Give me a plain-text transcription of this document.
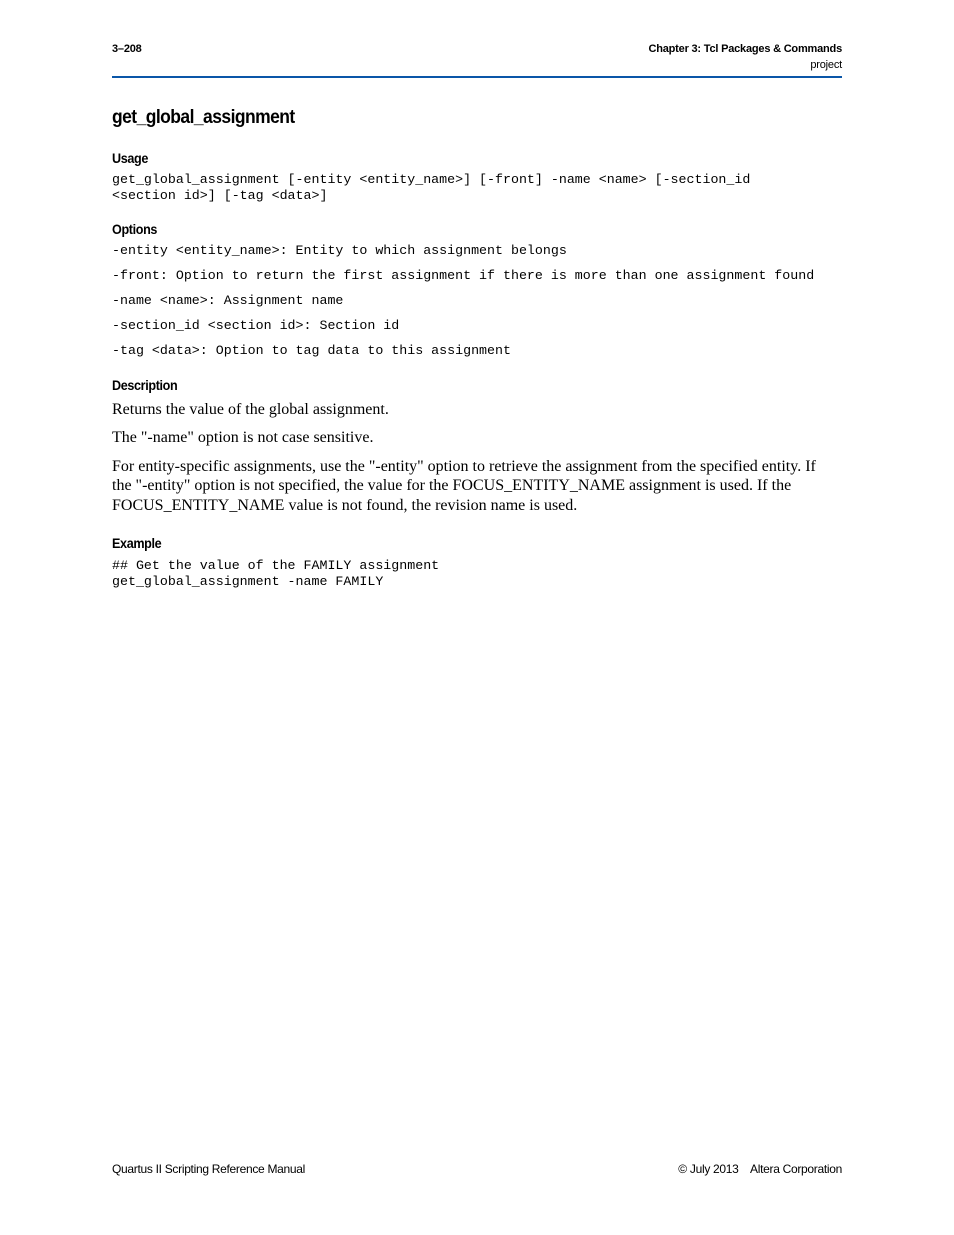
3–208	Chapter 3: Tcl Packages & Commands
project
get_global_assignment
Usage
get_global_assignment [-entity <entity_name>] [-front] -name <name> [-section_id
<section id>] [-tag <data>]
Options

-entity <entity_name>: Entity to which assignment belongs

-front: Option to return the first assignment if there is more than one assignment found

-name <name>: Assignment name

-section_id <section id>: Section id

-tag <data>: Option to tag data to this assignment

Description

Returns the value of the global assignment.

The "-name" option is not case sensitive.

For entity-specific assignments, use the "-entity" option to retrieve the assignment from the specified entity. If the "-entity" option is not specified, the value for the FOCUS_ENTITY_NAME assignment is used. If the FOCUS_ENTITY_NAME value is not found, the revision name is used.

Example
## Get the value of the FAMILY assignment
get_global_assignment -name FAMILY
Quartus II Scripting Reference Manual	© July 2013    Altera Corporation
